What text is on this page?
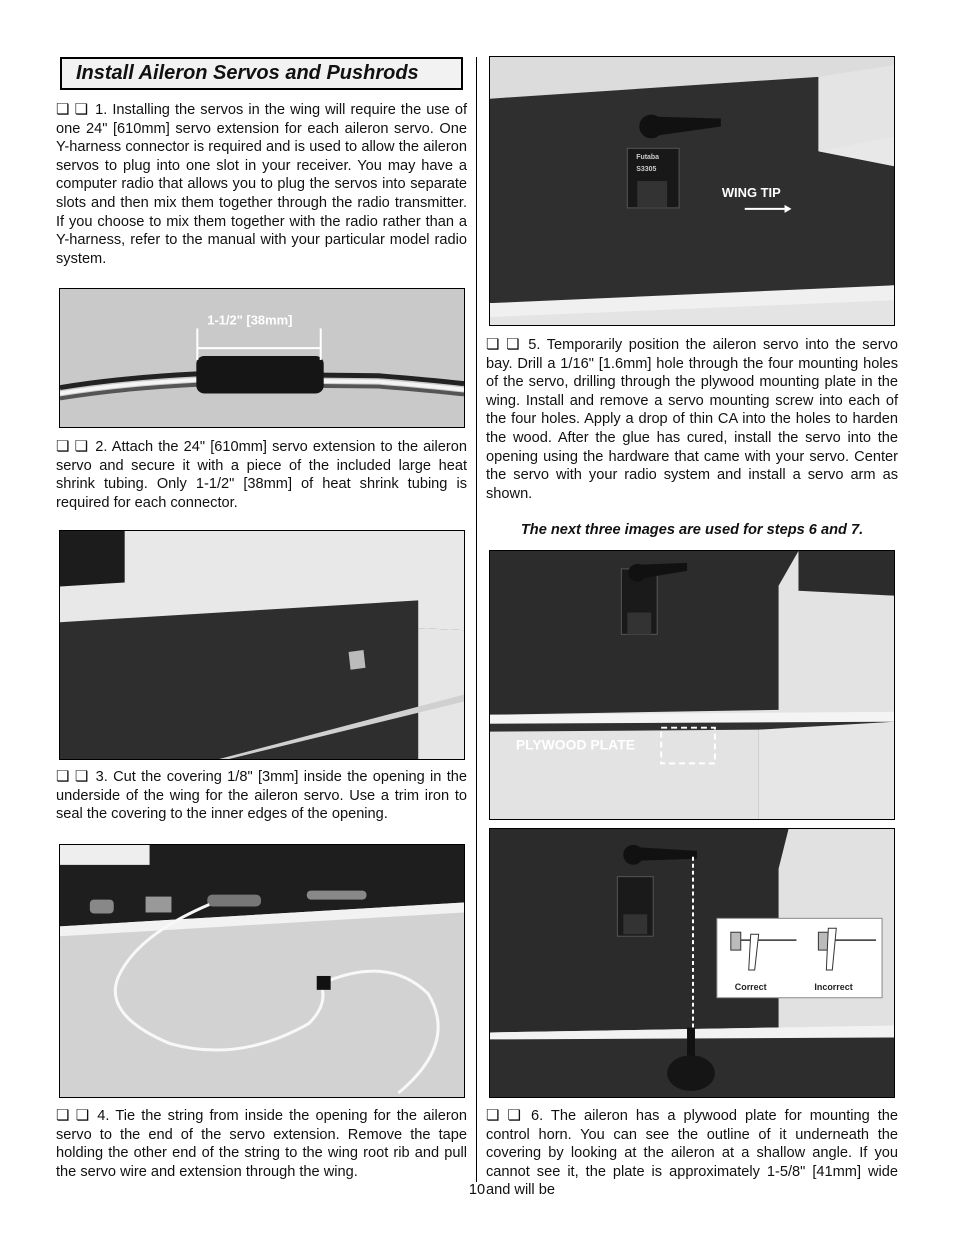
Install Aileron Servos and Pushrods

❏ ❏ 1. Installing the servos in the wing will require the use of one 24" [610mm] servo extension for each aileron servo. One Y-harness connector is required and is used to allow the aileron servos to plug into one slot in your receiver. You may have a computer radio that allows you to plug the servos into separate slots and then mix them together through the radio transmitter. If you choose to mix them together with the radio rather than a Y-harness, refer to the manual with your particular model radio system.

1-1/2" [38mm]

❏ ❏ 2. Attach the 24" [610mm] servo extension to the aileron servo and secure it with a piece of the included large heat shrink tubing. Only 1-1/2" [38mm] of heat shrink tubing is required for each connector.

❏ ❏ 3. Cut the covering 1/8" [3mm] inside the opening in the underside of the wing for the aileron servo. Use a trim iron to seal the covering to the inner edges of the opening.

❏ ❏ 4. Tie the string from inside the opening for the aileron servo to the end of the servo extension. Remove the tape holding the other end of the string to the wing root rib and pull the servo wire and extension through the wing.

Futaba
S3305
WING TIP

❏ ❏ 5. Temporarily position the aileron servo into the servo bay. Drill a 1/16" [1.6mm] hole through the four mounting holes of the servo, drilling through the plywood mounting plate in the wing. Install and remove a servo mounting screw into each of the four holes. Apply a drop of thin CA into the holes to harden the wood. After the glue has cured, install the servo into the opening using the hardware that came with your servo. Center the servo with your radio system and install a servo arm as shown.

The next three images are used for steps 6 and 7.

PLYWOOD PLATE
Correct	Incorrect

❏ ❏ 6. The aileron has a plywood plate for mounting the control horn. You can see the outline of it underneath the covering by looking at the aileron at a shallow angle. If you cannot see it, the plate is approximately 1-5/8" [41mm] wide and will be

10
